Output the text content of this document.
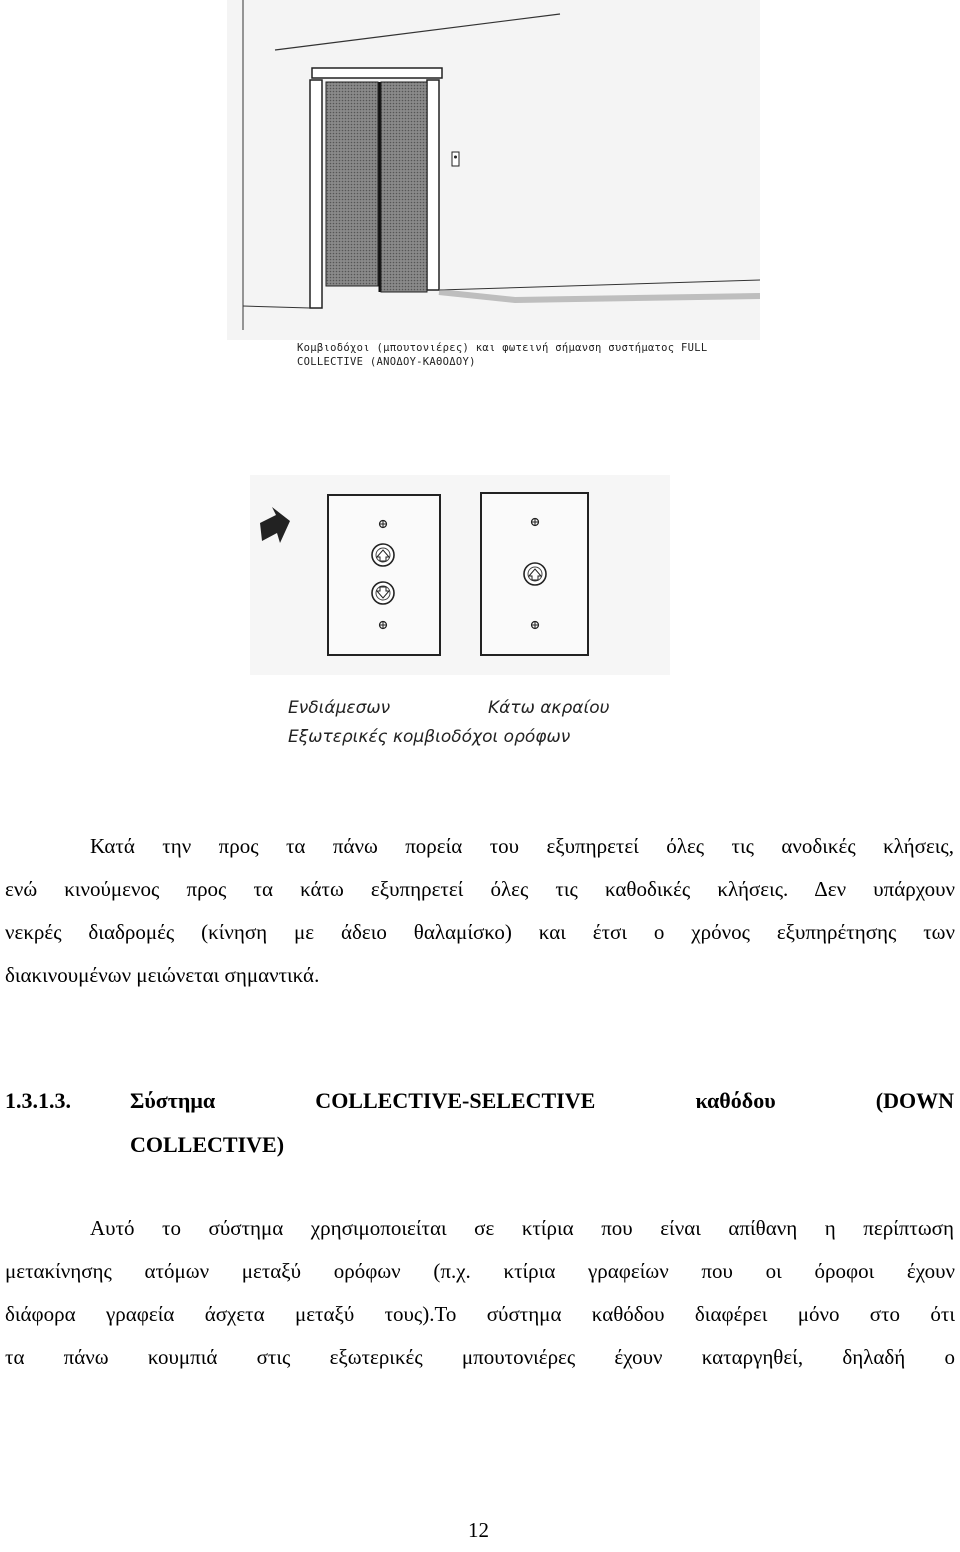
Κομβιοδόχοι (μπουτονιέρες) και φωτεινή σήμανση συστήματος FULL
COLLECTIVE (ΑΝΟΔΟΥ-ΚΑΘΟΔΟΥ)
Ενδιάμεσων	Κάτω ακραίου
Εξωτερικές κομβιοδόχοι ορόφων
Κατά την προς τα πάνω πορεία του εξυπηρετεί όλες τις ανοδικές κλήσεις,
ενώ κινούμενος προς τα κάτω εξυπηρετεί όλες τις καθοδικές κλήσεις. Δεν υπάρχουν
νεκρές διαδρομές (κίνηση με άδειο θαλαμίσκο) και έτσι ο χρόνος εξυπηρέτησης των
διακινουμένων μειώνεται σημαντικά.
1.3.1.3.	Σύστημα COLLECTIVE-SELECTIVE καθόδου (DOWN
COLLECTIVE)
Αυτό το σύστημα χρησιμοποιείται σε κτίρια που είναι απίθανη η περίπτωση
μετακίνησης ατόμων μεταξύ ορόφων (π.χ. κτίρια γραφείων που οι όροφοι έχουν
διάφορα γραφεία άσχετα μεταξύ τους).Το σύστημα καθόδου διαφέρει μόνο στο ότι
τα πάνω κουμπιά στις εξωτερικές μπουτονιέρες έχουν καταργηθεί, δηλαδή ο
12
